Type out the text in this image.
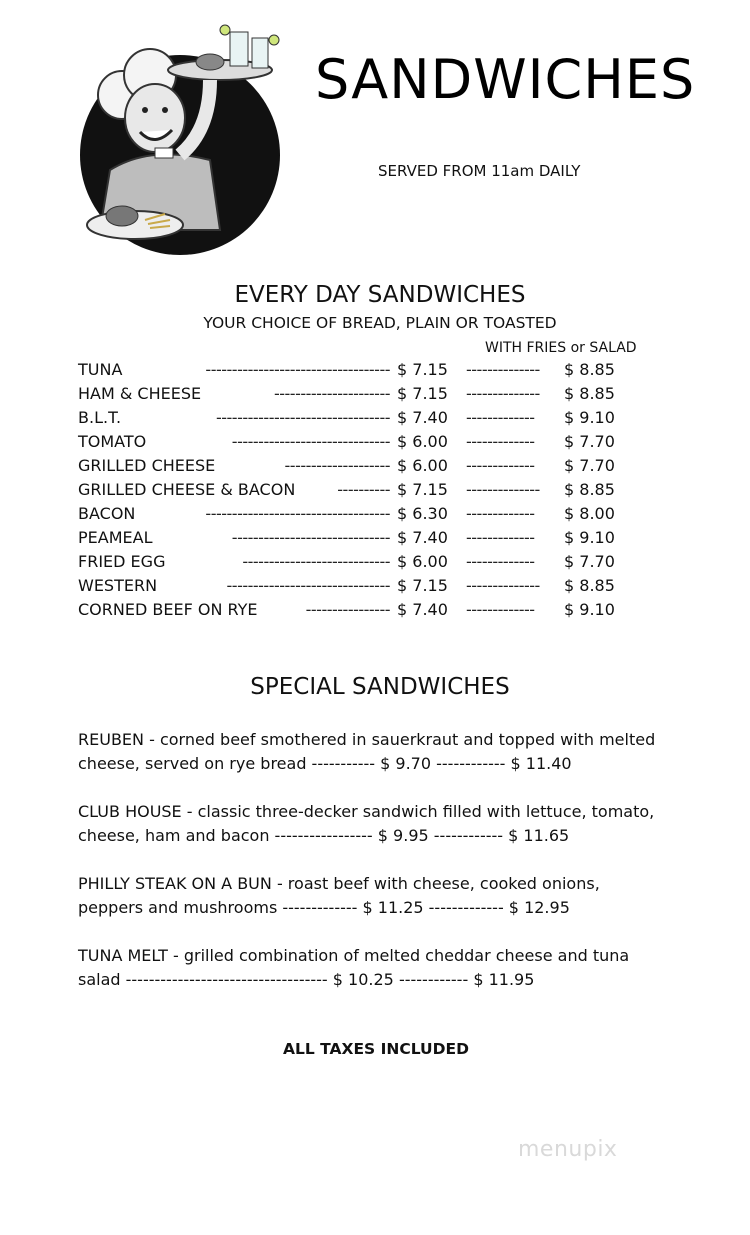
SANDWICHES
SERVED FROM 11am DAILY
EVERY DAY SANDWICHES
YOUR CHOICE OF BREAD, PLAIN OR TOASTED
WITH FRIES or SALAD
TUNA	----------------------------------- $ 7.15 -------------- $ 8.85
HAM & CHEESE	---------------------- $ 7.15 -------------- $ 8.85
B.L.T.	--------------------------------- $ 7.40 ------------- $ 9.10
TOMATO	------------------------------ $ 6.00 ------------- $ 7.70
GRILLED CHEESE	-------------------- $ 6.00 ------------- $ 7.70
GRILLED CHEESE & BACON	---------- $ 7.15 -------------- $ 8.85
BACON	----------------------------------- $ 6.30 ------------- $ 8.00
PEAMEAL	------------------------------ $ 7.40 ------------- $ 9.10
FRIED EGG	---------------------------- $ 6.00 ------------- $ 7.70
WESTERN	------------------------------- $ 7.15 -------------- $ 8.85
CORNED BEEF ON RYE	---------------- $ 7.40 ------------- $ 9.10
SPECIAL SANDWICHES
REUBEN - corned beef smothered in sauerkraut and topped with melted
cheese, served on rye bread ----------- $ 9.70 ------------ $ 11.40
CLUB HOUSE - classic three-decker sandwich filled with lettuce, tomato,
cheese, ham and bacon ----------------- $ 9.95 ------------ $ 11.65
PHILLY STEAK ON A BUN - roast beef with cheese, cooked onions,
peppers and mushrooms ------------- $ 11.25 ------------- $ 12.95
TUNA MELT - grilled combination of melted cheddar cheese and tuna
salad ----------------------------------- $ 10.25 ------------ $ 11.95
ALL TAXES INCLUDED
menupix
